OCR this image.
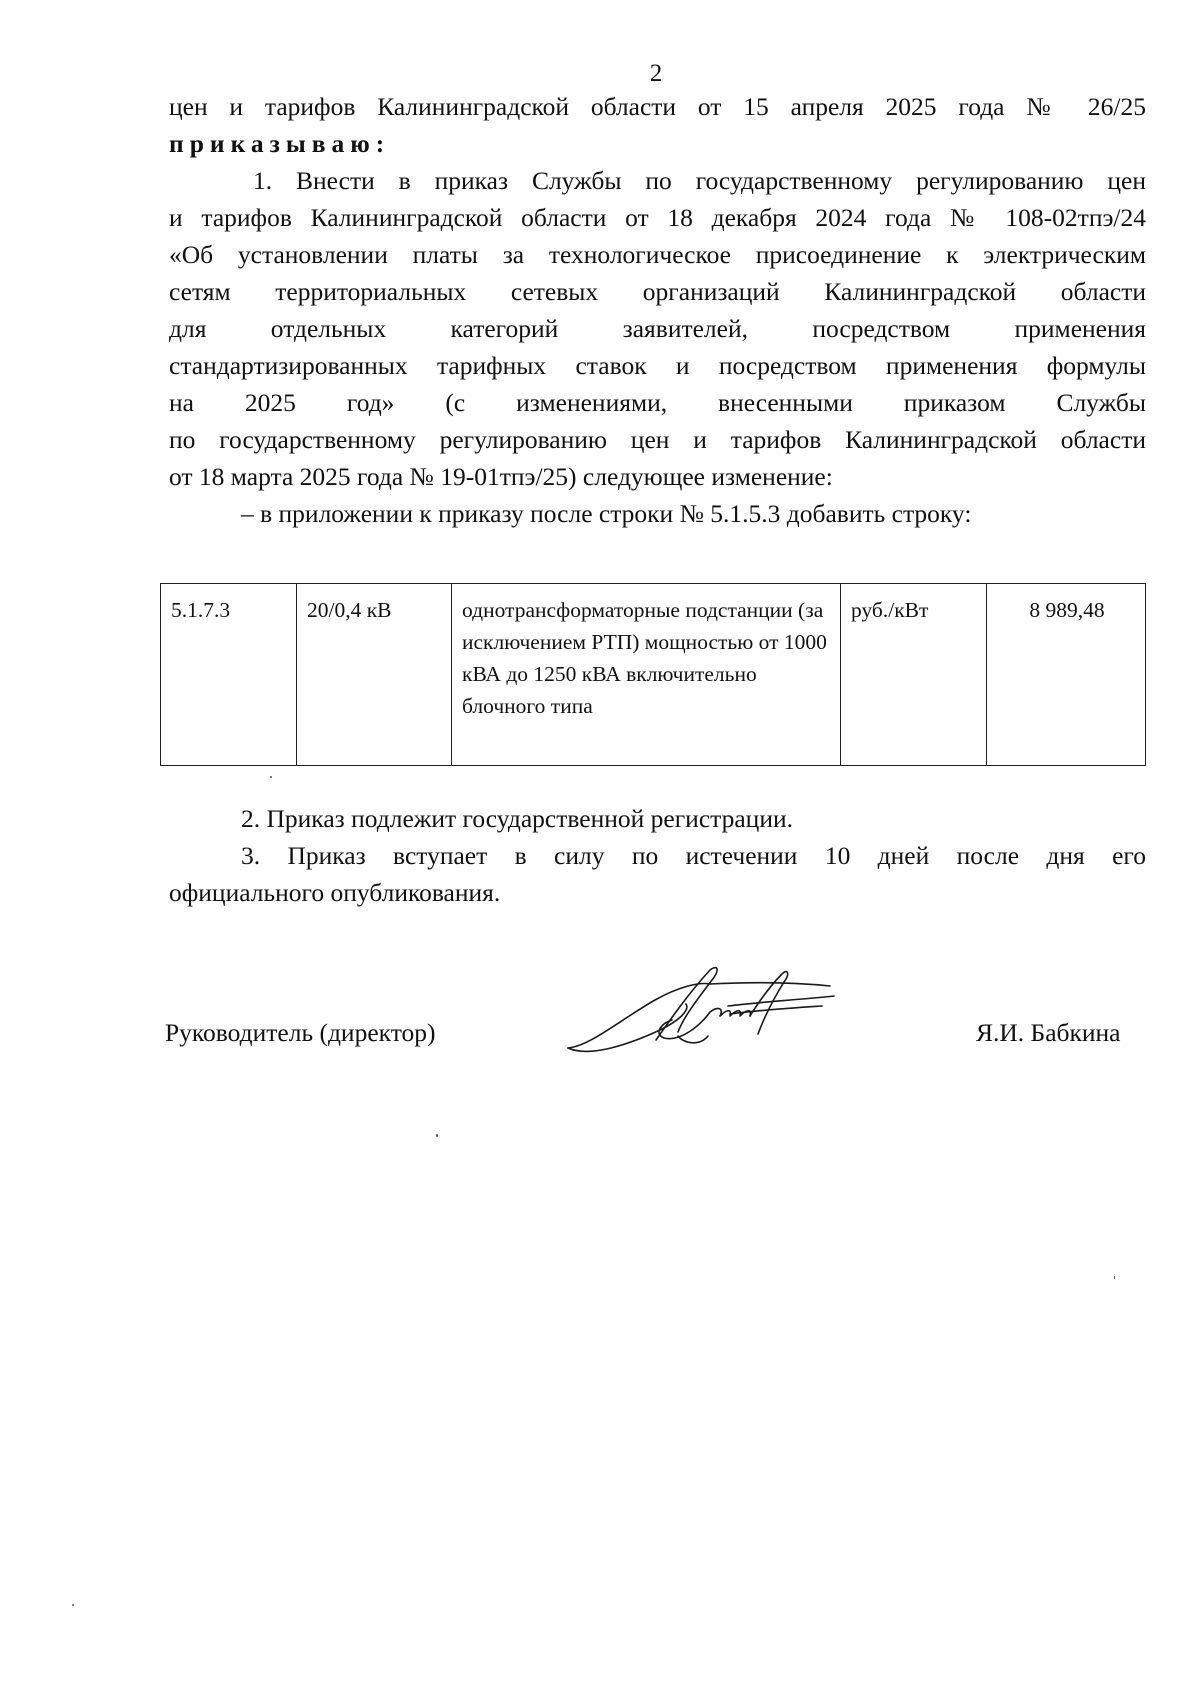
2
цен и тарифов Калининградской области от 15 апреля 2025 года № 26/25
приказываю:
1. Внести в приказ Службы по государственному регулированию цен
и тарифов Калининградской области от 18 декабря 2024 года № 108-02тпэ/24
«Об установлении платы за технологическое присоединение к электрическим
сетям территориальных сетевых организаций Калининградской области
для отдельных категорий заявителей, посредством применения
стандартизированных тарифных ставок и посредством применения формулы
на 2025 год» (с изменениями, внесенными приказом Службы
по государственному регулированию цен и тарифов Калининградской области
от 18 марта 2025 года № 19-01тпэ/25) следующее изменение:
– в приложении к приказу после строки № 5.1.5.3 добавить строку:
5.1.7.3	20/0,4 кВ	однотрансформаторные подстанции (за исключением РТП) мощностью от 1000 кВА до 1250 кВА включительно блочного типа	руб./кВт	8 989,48
2. Приказ подлежит государственной регистрации.
3. Приказ вступает в силу по истечении 10 дней после дня его
официального опубликования.
Руководитель (директор)	Я.И. Бабкина
